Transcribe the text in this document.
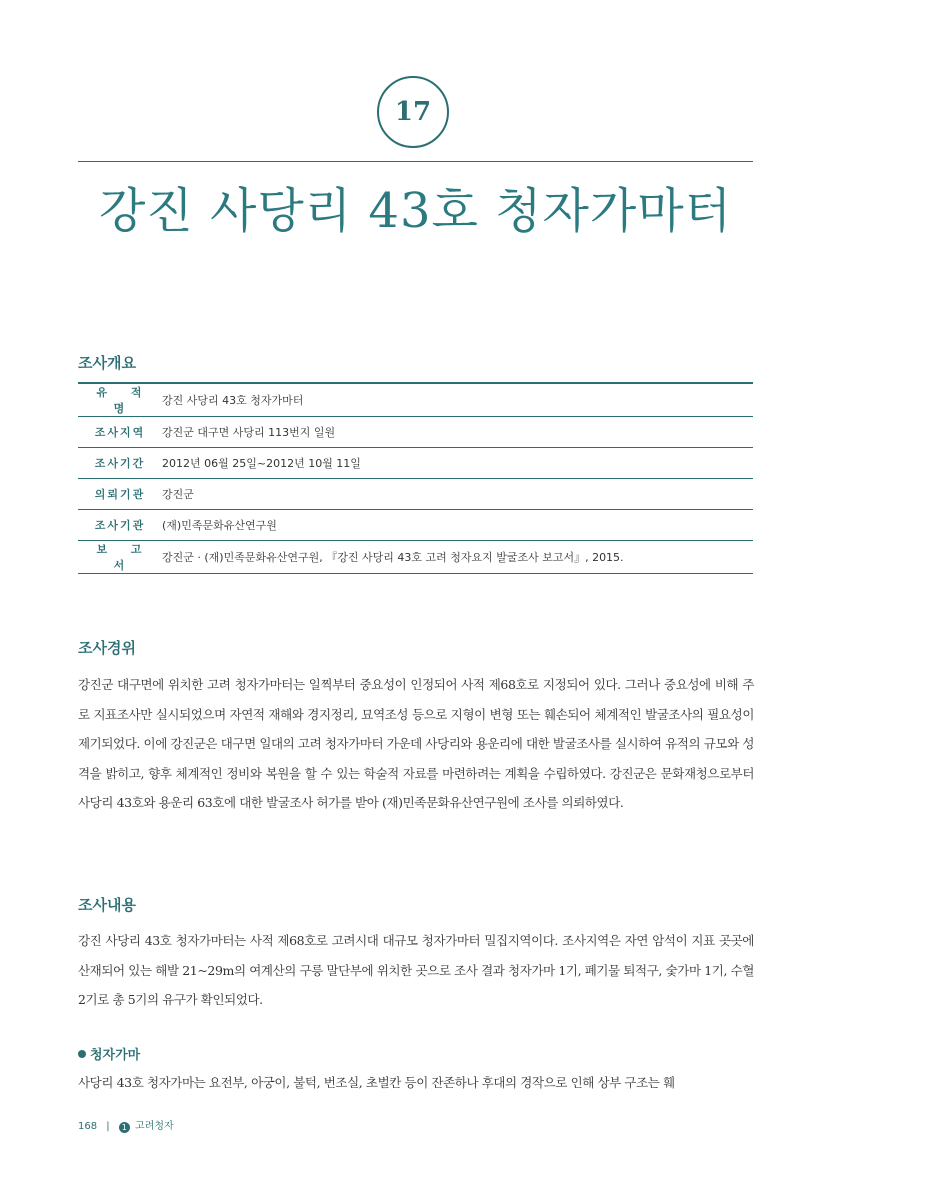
17
강진 사당리 43호 청자가마터
조사개요
유 적 명	강진 사당리 43호 청자가마터
조사지역	강진군 대구면 사당리 113번지 일원
조사기간	2012년 06월 25일~2012년 10월 11일
의뢰기관	강진군
조사기관	(재)민족문화유산연구원
보 고 서	강진군 · (재)민족문화유산연구원, 『강진 사당리 43호 고려 청자요지 발굴조사 보고서』, 2015.
조사경위

강진군 대구면에 위치한 고려 청자가마터는 일찍부터 중요성이 인정되어 사적 제68호로 지정되어 있다. 그러나 중요성에 비해 주로 지표조사만 실시되었으며 자연적 재해와 경지정리, 묘역조성 등으로 지형이 변형 또는 훼손되어 체계적인 발굴조사의 필요성이 제기되었다. 이에 강진군은 대구면 일대의 고려 청자가마터 가운데 사당리와 용운리에 대한 발굴조사를 실시하여 유적의 규모와 성격을 밝히고, 향후 체계적인 정비와 복원을 할 수 있는 학술적 자료를 마련하려는 계획을 수립하였다. 강진군은 문화재청으로부터 사당리 43호와 용운리 63호에 대한 발굴조사 허가를 받아 (재)민족문화유산연구원에 조사를 의뢰하였다.

조사내용

강진 사당리 43호 청자가마터는 사적 제68호로 고려시대 대규모 청자가마터 밀집지역이다. 조사지역은 자연 암석이 지표 곳곳에 산재되어 있는 해발 21~29m의 여계산의 구릉 말단부에 위치한 곳으로 조사 결과 청자가마 1기, 폐기물 퇴적구, 숯가마 1기, 수혈 2기로 총 5기의 유구가 확인되었다.

청자가마

사당리 43호 청자가마는 요전부, 아궁이, 불턱, 번조실, 초벌칸 등이 잔존하나 후대의 경작으로 인해 상부 구조는 훼

168 | 1 고려청자
